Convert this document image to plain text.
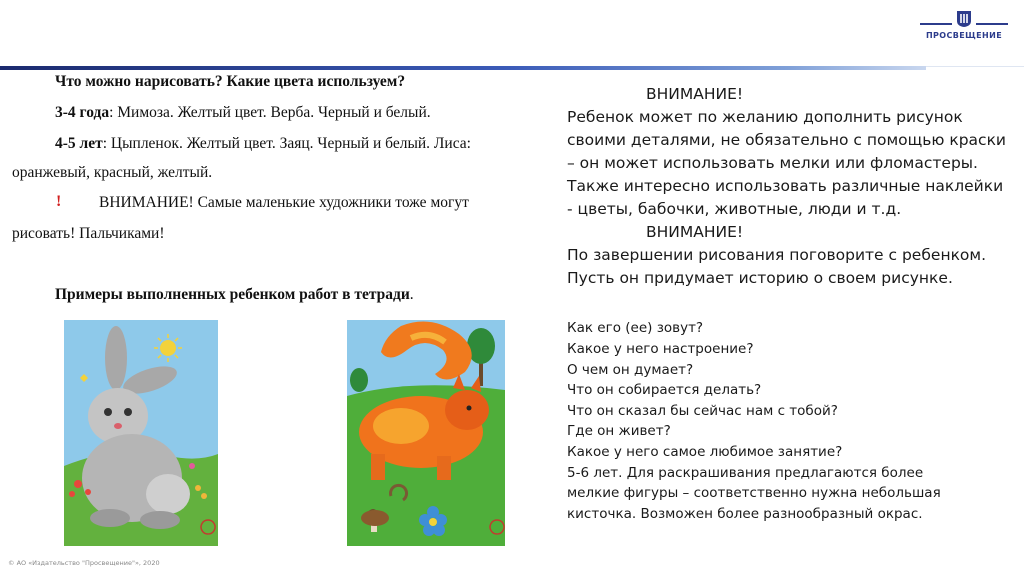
ПРОСВЕЩЕНИЕ
Что можно нарисовать? Какие цвета используем?
3-4 года: Мимоза. Желтый цвет. Верба. Черный и белый.
4-5 лет: Цыпленок. Желтый цвет. Заяц. Черный и белый. Лиса:
оранжевый, красный, желтый.
! ВНИМАНИЕ! Самые маленькие художники тоже могут
рисовать! Пальчиками!
Примеры выполненных ребенком работ в тетради.
ВНИМАНИЕ!
Ребенок может по желанию дополнить рисунок
своими деталями, не обязательно с помощью краски
– он может использовать мелки или фломастеры.
Также интересно использовать различные наклейки
- цветы, бабочки, животные, люди и т.д.
ВНИМАНИЕ!
По завершении рисования поговорите с ребенком.
Пусть он придумает историю о своем рисунке.
Как его (ее) зовут?
Какое у него настроение?
О чем он думает?
Что он собирается делать?
Что он сказал бы сейчас нам с тобой?
Где он живет?
Какое у него самое любимое занятие?
5-6 лет. Для раскрашивания предлагаются более
мелкие фигуры – соответственно нужна небольшая
кисточка. Возможен более разнообразный окрас.
© АО «Издательство "Просвещение"», 2020
